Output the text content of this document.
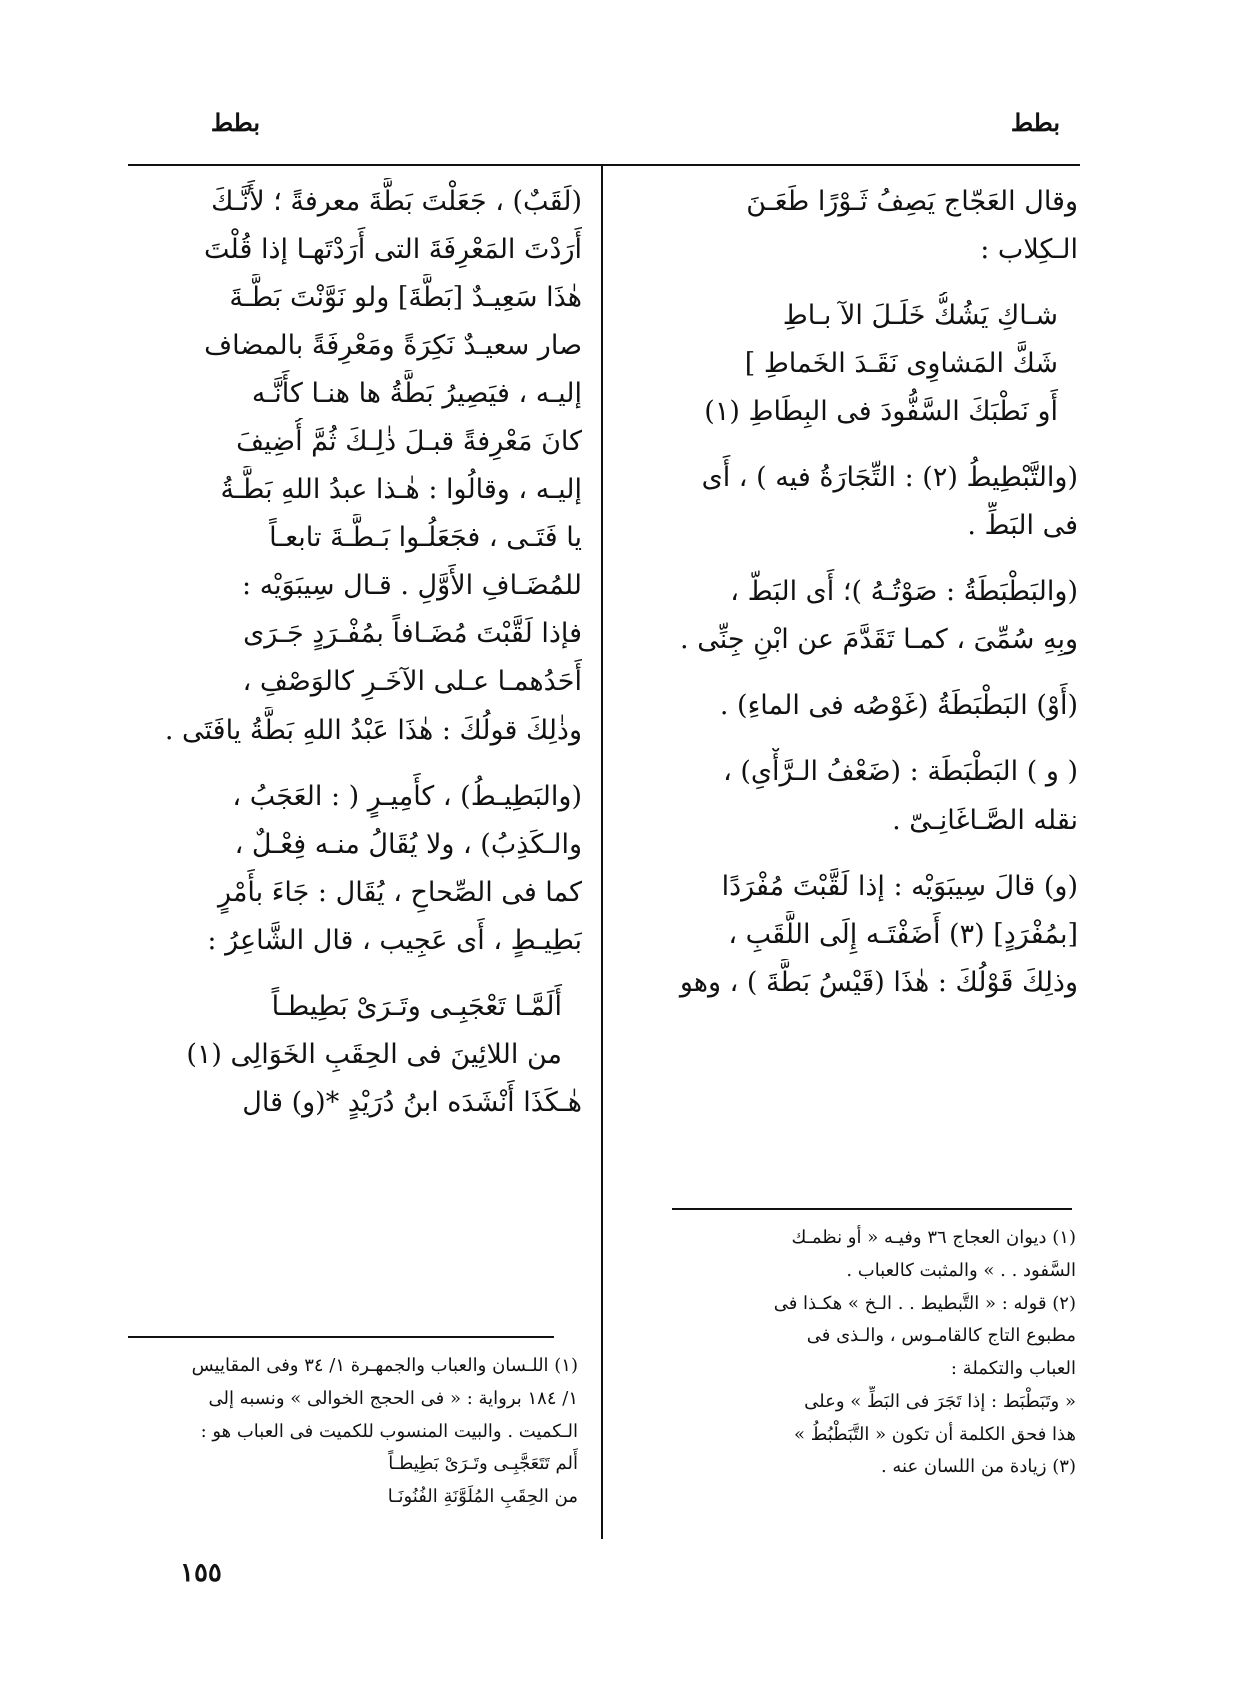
بطط
بطط
وقال العَجّاج يَصِفُ ثَـوْرًا طَعَـنَ
الـكِلاب :
شـاكِ يَشُكُّ خَلَـلَ الآ بـاطِ
شَكَّ المَشاوِى نَقَـدَ الخَماطِ ]
أَو نَطْبَكَ السَّفُّودَ فى البِطَاطِ (١)
(والتَّبْطِيطُ (٢) : التِّجَارَةُ فيه ) ، أَى
فى البَطِّ .
(والبَطْبَطَةُ : صَوْتُـهُ )؛ أَى البَطّ ،
وبِهِ سُمِّىَ ، كمـا تَقَدَّمَ عن ابْنِ جِنِّى .
(أَوْ) البَطْبَطَةُ (غَوْصُه فى الماءِ) .
( و ) البَطْبَطَة : (ضَعْفُ الـرَّأْىِ) ،
نقله الصَّـاغَانِـىّ .
(و) قالَ سِيبَوَيْه : إذا لَقَّبْتَ مُفْرَدًا
[بمُفْرَدٍ] (٣) أَضَفْتَـه إِلَى اللَّقَبِ ،
وذلِكَ قَوْلُكَ : هٰذَا (قَيْسُ بَطَّةَ ) ، وهو
(١) ديوان العجاج ٣٦ وفيـه « أو نظمـك
السَّفود . . » والمثبت كالعباب .
(٢) قوله : « التَّبطيط . . الـخ » هكـذا فى
مطبوع التاج كالقامـوس ، والـذى فى
العباب والتكملة :
« وتَبَطْبَط : إذا تَجَرَ فى البَطِّ » وعلى
هذا فحق الكلمة أن تكون « التَّبَطْبُطُ »
(٣) زيادة من اللسان عنه .
(لَقَبٌ) ، جَعَلْتَ بَطَّةَ معرفةً ؛ لأَنَّـكَ
أَرَدْتَ المَعْرِفَةَ التى أَرَدْتَهـا إذا قُلْتَ
هٰذَا سَعِيـدٌ [بَطَّةَ] ولو نَوَّنْتَ بَطَّـةَ
صار سعيـدٌ نَكِرَةً ومَعْرِفَةً بالمضاف
إليـه ، فيَصِيرُ بَطَّةُ ها هنـا كأَنَّـه
كانَ مَعْرِفةً قبـلَ ذٰلِـكَ ثُمَّ أُضِيفَ
إليـه ، وقالُوا : هٰـذا عبدُ اللهِ بَطَّـةُ
يا فَتَـى ، فجَعَلُـوا بَـطَّـةَ تابعـاً
للمُضَـافِ الأَوَّلِ . قـال سِيبَوَيْه :
فإذا لَقَّبْتَ مُضَـافاً بمُفْـرَدٍ جَـرَى
أَحَدُهمـا عـلى الآخَـرِ كالوَصْفِ ،
وذٰلِكَ قولُكَ : هٰذَا عَبْدُ اللهِ بَطَّةُ يافَتَى .
(والبَطِيـطُ) ، كأَمِيـرٍ ( : العَجَبُ ،
والـكَذِبُ) ، ولا يُقَالُ منـه فِعْـلٌ ،
كما فى الصِّحاحِ ، يُقَال : جَاءَ بأَمْرٍ
بَطِيـطٍ ، أَى عَجِيب ، قال الشَّاعِرُ :
أَلَمَّـا تَعْجَبِـى وتَـرَىْ بَطِيطـاً
من اللائِينَ فى الحِقَبِ الخَوَالِى (١)
هٰـكَذَا أَنْشَدَه ابنُ دُرَيْدٍ *(و) قال
(١) اللـسان والعباب والجمهـرة ١/ ٣٤ وفى المقاييس
١/ ١٨٤ برواية : « فى الحجج الخوالى » ونسبه إلى
الـكميت . والبيت المنسوب للكميت فى العباب هو :
أَلم تَتَعَجَّبِـى وتَـرَىْ بَطِيطـاً
من الحِقَبِ المُلَوَّنَةِ الفُنُونَـا
١٥٥
